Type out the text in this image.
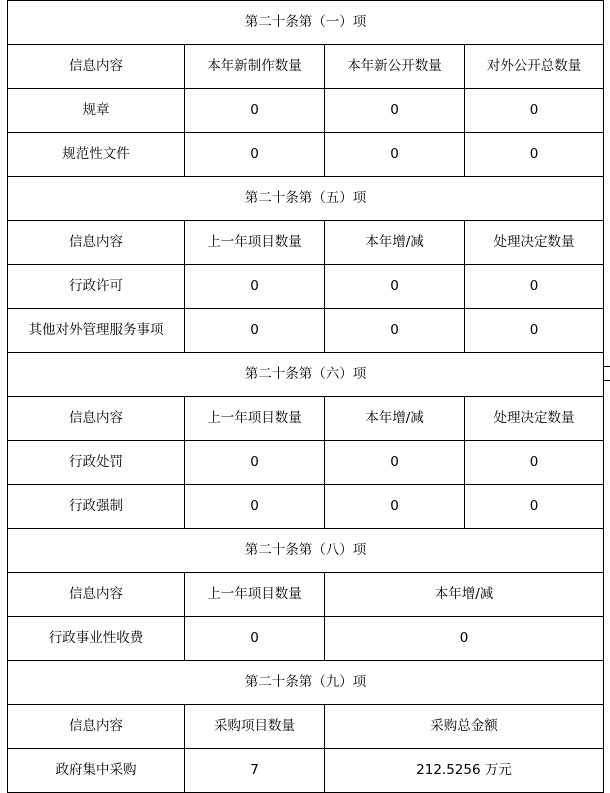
第二十条第（一）项			
信息内容	本年新制作数量	本年新公开数量	对外公开总数量
规章	0	0	0
规范性文件	0	0	0
第二十条第（五）项			
信息内容	上一年项目数量	本年增/减	处理决定数量
行政许可	0	0	0
其他对外管理服务事项	0	0	0
第二十条第（六）项			
信息内容	上一年项目数量	本年增/减	处理决定数量
行政处罚	0	0	0
行政强制	0	0	0
第二十条第（八）项			
信息内容	上一年项目数量	本年增/减	
行政事业性收费	0	0	
第二十条第（九）项			
信息内容	采购项目数量	采购总金额	
政府集中采购	7	212.5256 万元	
